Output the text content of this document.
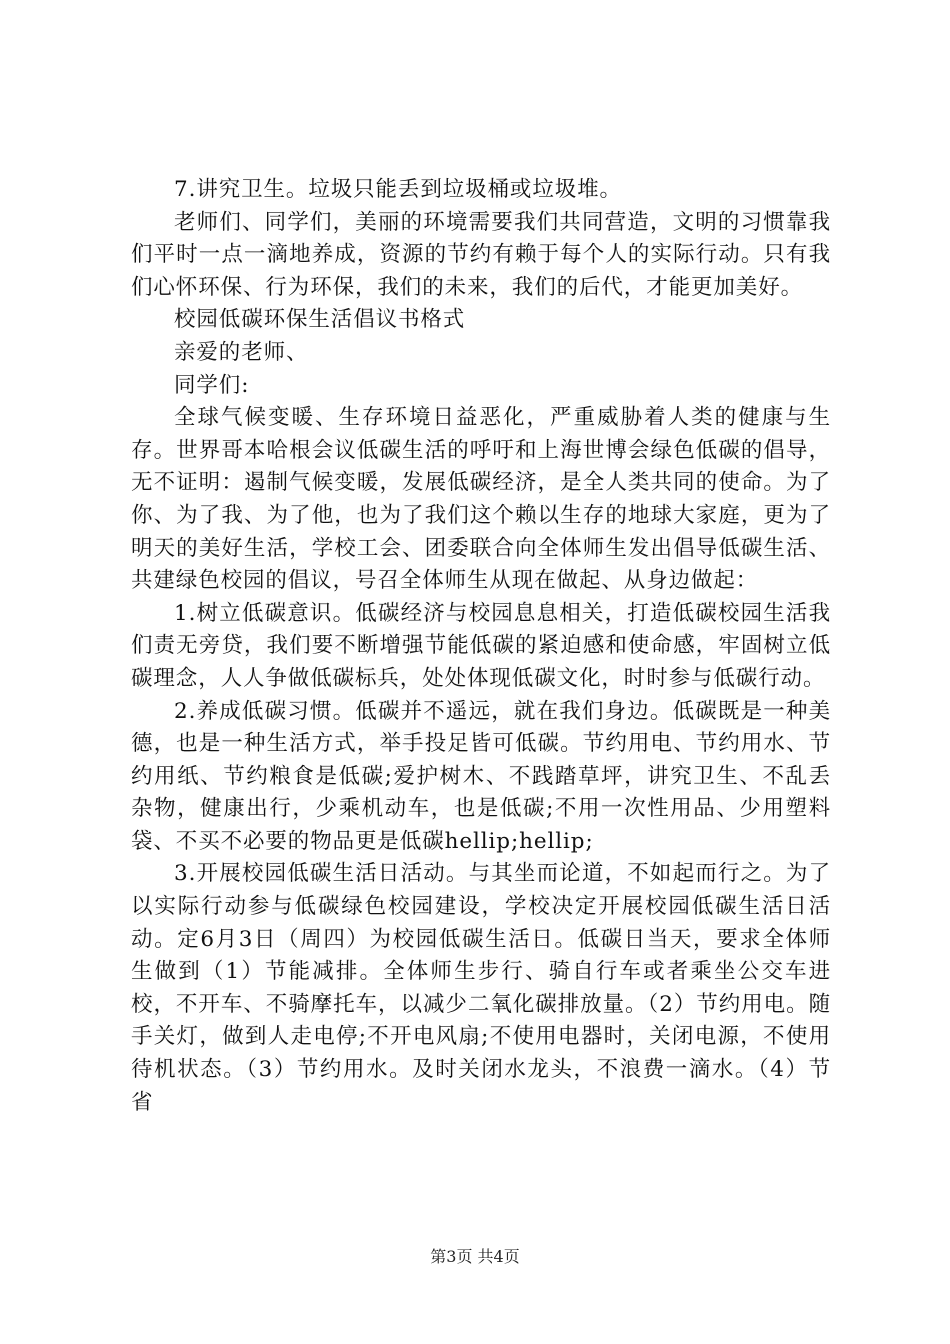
7.讲究卫生。垃圾只能丢到垃圾桶或垃圾堆。

老师们、同学们，美丽的环境需要我们共同营造，文明的习惯靠我们平时一点一滴地养成，资源的节约有赖于每个人的实际行动。只有我们心怀环保、行为环保，我们的未来，我们的后代，才能更加美好。

校园低碳环保生活倡议书格式

亲爱的老师、

同学们:

全球气候变暖、生存环境日益恶化，严重威胁着人类的健康与生存。世界哥本哈根会议低碳生活的呼吁和上海世博会绿色低碳的倡导，无不证明：遏制气候变暖，发展低碳经济，是全人类共同的使命。为了你、为了我、为了他，也为了我们这个赖以生存的地球大家庭，更为了明天的美好生活，学校工会、团委联合向全体师生发出倡导低碳生活、共建绿色校园的倡议，号召全体师生从现在做起、从身边做起：

1.树立低碳意识。低碳经济与校园息息相关，打造低碳校园生活我们责无旁贷，我们要不断增强节能低碳的紧迫感和使命感，牢固树立低碳理念，人人争做低碳标兵，处处体现低碳文化，时时参与低碳行动。

2.养成低碳习惯。低碳并不遥远，就在我们身边。低碳既是一种美德，也是一种生活方式，举手投足皆可低碳。节约用电、节约用水、节约用纸、节约粮食是低碳;爱护树木、不践踏草坪，讲究卫生、不乱丢杂物，健康出行，少乘机动车，也是低碳;不用一次性用品、少用塑料袋、不买不必要的物品更是低碳hellip;hellip;

3.开展校园低碳生活日活动。与其坐而论道，不如起而行之。为了以实际行动参与低碳绿色校园建设，学校决定开展校园低碳生活日活动。定6月3日（周四）为校园低碳生活日。低碳日当天，要求全体师生做到（1）节能减排。全体师生步行、骑自行车或者乘坐公交车进校，不开车、不骑摩托车，以减少二氧化碳排放量。（2）节约用电。随手关灯，做到人走电停;不开电风扇;不使用电器时，关闭电源，不使用待机状态。（3）节约用水。及时关闭水龙头，不浪费一滴水。（4）节省

第3页 共4页
